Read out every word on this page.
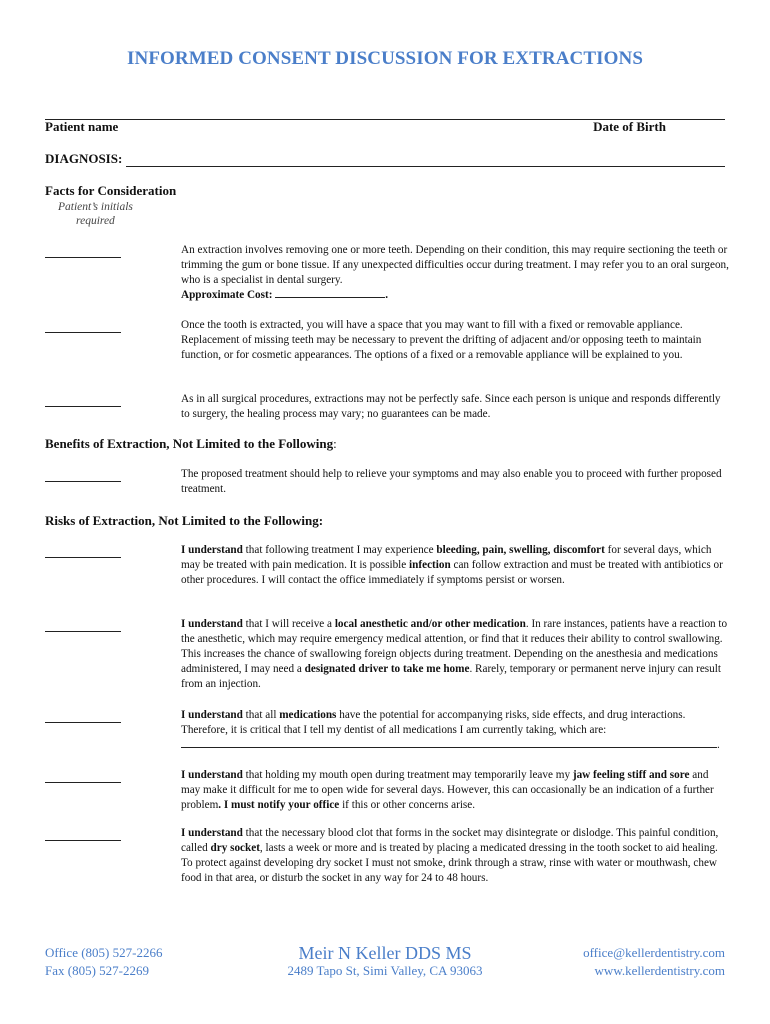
INFORMED CONSENT DISCUSSION FOR EXTRACTIONS
Patient name	Date of Birth
DIAGNOSIS:
Facts for Consideration
Patient’s initials
required
An extraction involves removing one or more teeth. Depending on their condition, this may require sectioning the teeth or trimming the gum or bone tissue. If any unexpected difficulties occur during treatment. I may refer you to an oral surgeon, who is a specialist in dental surgery.
Approximate Cost:	.
Once the tooth is extracted, you will have a space that you may want to fill with a fixed or removable appliance. Replacement of missing teeth may be necessary to prevent the drifting of adjacent and/or opposing teeth to maintain function, or for cosmetic appearances. The options of a fixed or a removable appliance will be explained to you.
As in all surgical procedures, extractions may not be perfectly safe. Since each person is unique and responds differently to surgery, the healing process may vary; no guarantees can be made.
Benefits of Extraction, Not Limited to the Following:
The proposed treatment should help to relieve your symptoms and may also enable you to proceed with further proposed treatment.
Risks of Extraction, Not Limited to the Following:
I understand that following treatment I may experience bleeding, pain, swelling, discomfort for several days, which may be treated with pain medication. It is possible infection can follow extraction and must be treated with antibiotics or other procedures. I will contact the office immediately if symptoms persist or worsen.
I understand that I will receive a local anesthetic and/or other medication. In rare instances, patients have a reaction to the anesthetic, which may require emergency medical attention, or find that it reduces their ability to control swallowing. This increases the chance of swallowing foreign objects during treatment. Depending on the anesthesia and medications administered, I may need a designated driver to take me home. Rarely, temporary or permanent nerve injury can result from an injection.
I understand that all medications have the potential for accompanying risks, side effects, and drug interactions. Therefore, it is critical that I tell my dentist of all medications I am currently taking, which are:
.
I understand that holding my mouth open during treatment may temporarily leave my jaw feeling stiff and sore and may make it difficult for me to open wide for several days. However, this can occasionally be an indication of a further problem. I must notify your office if this or other concerns arise.
I understand that the necessary blood clot that forms in the socket may disintegrate or dislodge. This painful condition, called dry socket, lasts a week or more and is treated by placing a medicated dressing in the tooth socket to aid healing. To protect against developing dry socket I must not smoke, drink through a straw, rinse with water or mouthwash, chew food in that area, or disturb the socket in any way for 24 to 48 hours.
Office (805) 527-2266
Fax (805) 527-2269
Meir N Keller DDS MS
2489 Tapo St, Simi Valley, CA 93063
office@kellerdentistry.com
www.kellerdentistry.com
